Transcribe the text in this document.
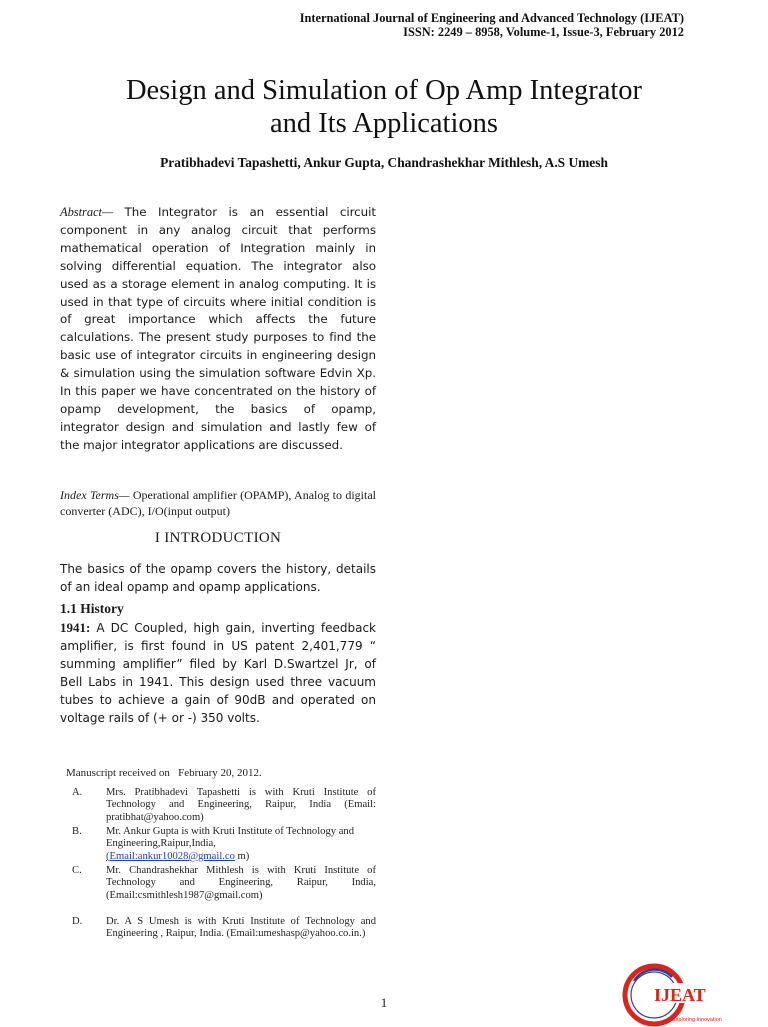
International Journal of Engineering and Advanced Technology (IJEAT)
ISSN: 2249 – 8958, Volume-1, Issue-3, February 2012
Design and Simulation of Op Amp Integrator
and Its Applications
Pratibhadevi Tapashetti, Ankur Gupta, Chandrashekhar Mithlesh, A.S Umesh
Abstract— The Integrator is an essential circuit component in any analog circuit that performs mathematical operation of Integration mainly in solving differential equation. The integrator also used as a storage element in analog computing. It is used in that type of circuits where initial condition is of great importance which affects the future calculations. The present study purposes to find the basic use of integrator circuits in engineering design & simulation using the simulation software Edvin Xp. In this paper we have concentrated on the history of opamp development, the basics of opamp, integrator design and simulation and lastly few of the major integrator applications are discussed.
Index Terms— Operational amplifier (OPAMP), Analog to digital converter (ADC), I/O(input output)
I INTRODUCTION
The basics of the opamp covers the history, details of an ideal opamp and opamp applications.
1.1 History
1941: A DC Coupled, high gain, inverting feedback amplifier, is first found in US patent 2,401,779 “ summing amplifier” filed by Karl D.Swartzel Jr, of Bell Labs in 1941. This design used three vacuum tubes to achieve a gain of 90dB and operated on voltage rails of (+ or -) 350 volts.
Manuscript received on   February 20, 2012.
A. Mrs. Pratibhadevi Tapashetti is with Kruti Institute of Technology and Engineering, Raipur, India (Email: pratibhat@yahoo.com)
B. Mr. Ankur Gupta is with Kruti Institute of Technology and Engineering,Raipur,India,
(Email:ankur10028@gmail.co m)
C. Mr. Chandrashekhar Mithlesh is with Kruti Institute of Technology and Engineering, Raipur, India,(Email:csmithlesh1987@gmail.com)
D. Dr. A S Umesh is with Kruti Institute of Technology and Engineering , Raipur, India. (Email:umeshasp@yahoo.co.in.)
1	IJEAT
Exploring Innovation
